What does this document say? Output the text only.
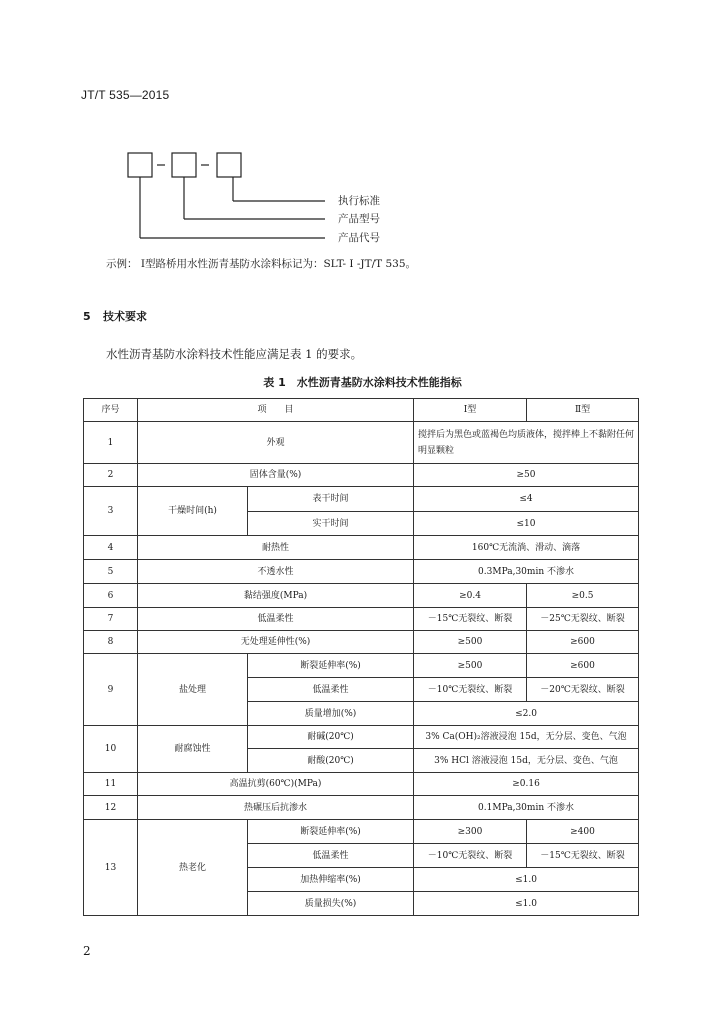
JT/T 535—2015
执行标准
产品型号
产品代号
示例： Ⅰ型路桥用水性沥青基防水涂料标记为：SLT- Ⅰ -JT/T 535。
5 技术要求
水性沥青基防水涂料技术性能应满足表 1 的要求。
表 1　水性沥青基防水涂料技术性能指标
序号	项　　目		Ⅰ型	Ⅱ型
1	外观		搅拌后为黑色或蓝褐色均质液体，搅拌棒上不黏附任何明显颗粒	
2	固体含量(%)		≥50	
3	干燥时间(h)	表干时间	≤4	
		实干时间	≤10	
4	耐热性		160℃无流淌、滑动、滴落	
5	不透水性		0.3MPa,30min 不渗水	
6	黏结强度(MPa)		≥0.4	≥0.5
7	低温柔性		－15℃无裂纹、断裂	－25℃无裂纹、断裂
8	无处理延伸性(%)		≥500	≥600
9	盐处理	断裂延伸率(%)	≥500	≥600
		低温柔性	－10℃无裂纹、断裂	－20℃无裂纹、断裂
		质量增加(%)	≤2.0	
10	耐腐蚀性	耐碱(20℃)	3% Ca(OH)₂溶液浸泡 15d，无分层、变色、气泡	
		耐酸(20℃)	3% HCl 溶液浸泡 15d，无分层、变色、气泡	
11	高温抗剪(60℃)(MPa)		≥0.16	
12	热碾压后抗渗水		0.1MPa,30min 不渗水	
13	热老化	断裂延伸率(%)	≥300	≥400
		低温柔性	－10℃无裂纹、断裂	－15℃无裂纹、断裂
		加热伸缩率(%)	≤1.0	
		质量损失(%)	≤1.0	
2
